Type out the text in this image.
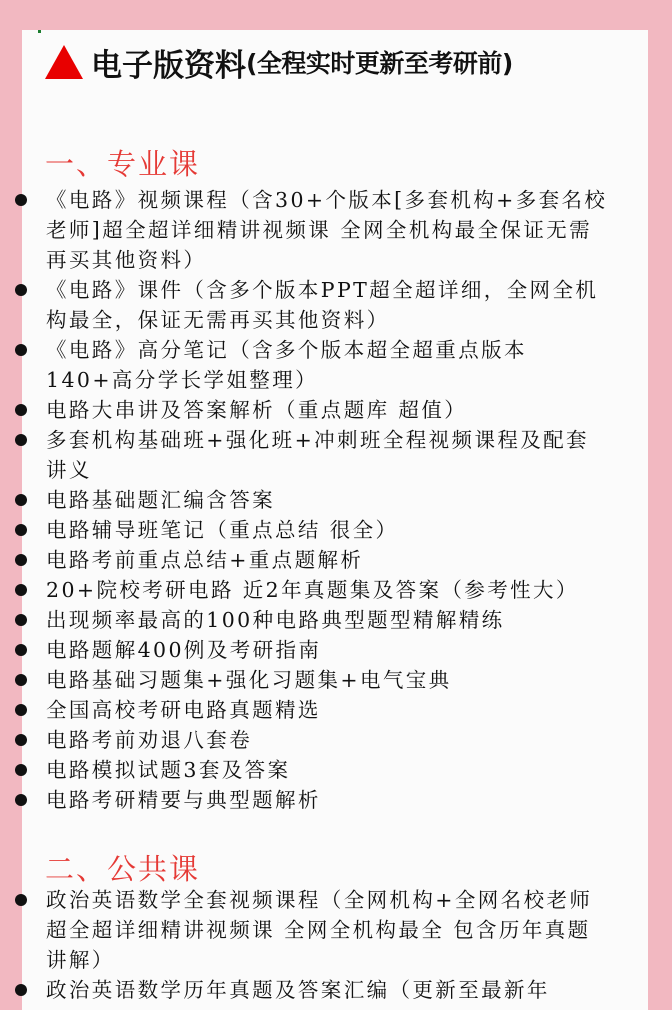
电子版资料 (全程实时更新至考研前)
一、专业课
《电路》视频课程（含30+个版本[多套机构+多套名校老师]超全超详细精讲视频课 全网全机构最全保证无需再买其他资料）
《电路》课件（含多个版本PPT超全超详细，全网全机构最全，保证无需再买其他资料）
《电路》高分笔记（含多个版本超全超重点版本140+高分学长学姐整理）
电路大串讲及答案解析（重点题库 超值）
多套机构基础班+强化班+冲刺班全程视频课程及配套讲义
电路基础题汇编含答案
电路辅导班笔记（重点总结 很全）
电路考前重点总结+重点题解析
20+院校考研电路 近2年真题集及答案（参考性大）
出现频率最高的100种电路典型题型精解精练
电路题解400例及考研指南
电路基础习题集+强化习题集+电气宝典
全国高校考研电路真题精选
电路考前劝退八套卷
电路模拟试题3套及答案
电路考研精要与典型题解析
二、公共课
政治英语数学全套视频课程（全网机构+全网名校老师超全超详细精讲视频课 全网全机构最全 包含历年真题讲解）
政治英语数学历年真题及答案汇编（更新至最新年
